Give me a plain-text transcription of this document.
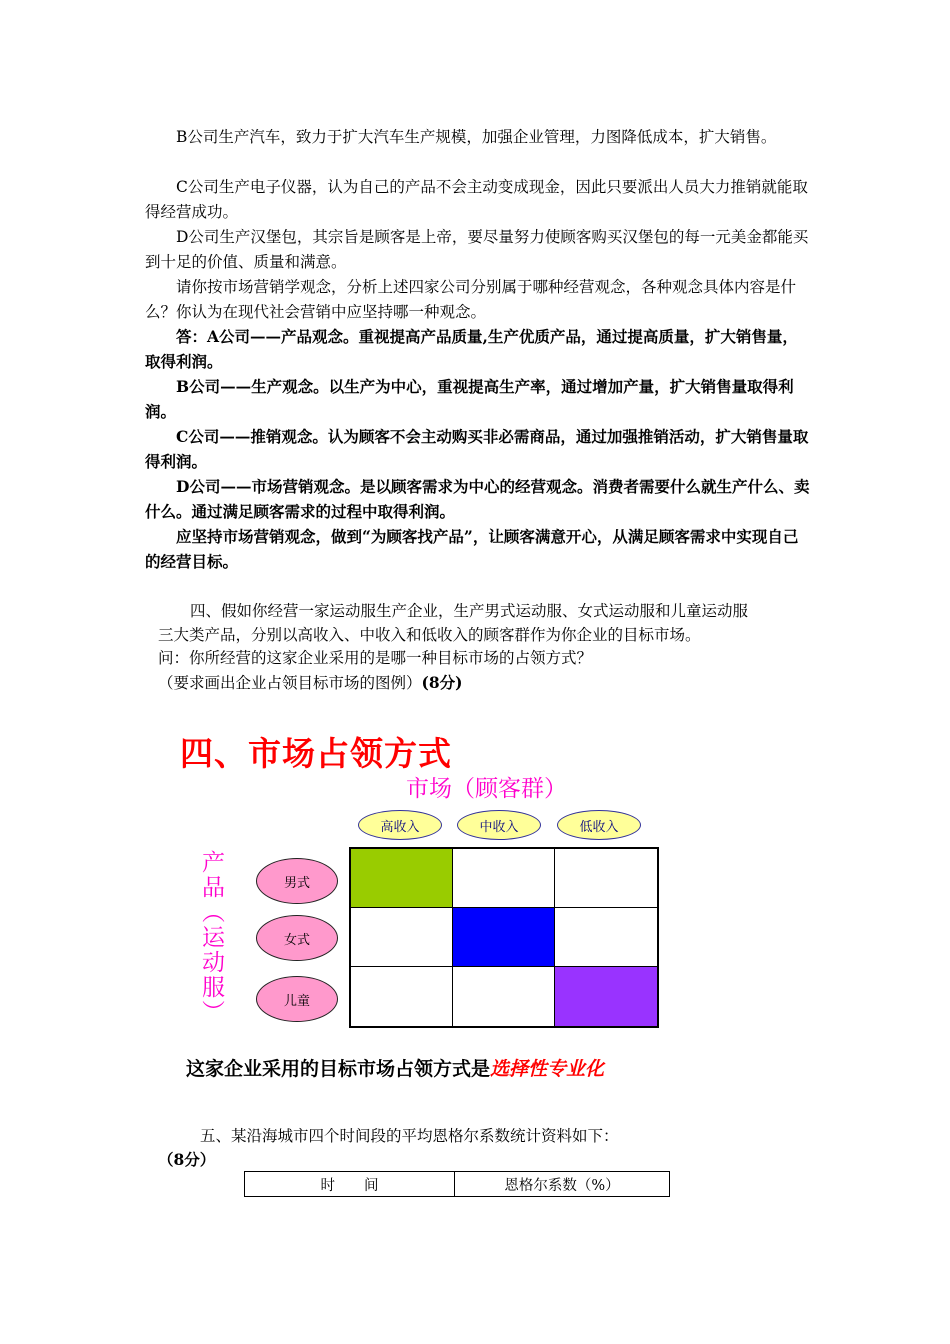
B公司生产汽车，致力于扩大汽车生产规模，加强企业管理，力图降低成本，扩大销售。

C公司生产电子仪器，认为自己的产品不会主动变成现金，因此只要派出人员大力推销就能取得经营成功。

D公司生产汉堡包，其宗旨是顾客是上帝，要尽量努力使顾客购买汉堡包的每一元美金都能买到十足的价值、质量和满意。

请你按市场营销学观念，分析上述四家公司分别属于哪种经营观念，各种观念具体内容是什么？你认为在现代社会营销中应坚持哪一种观念。

答：A公司——产品观念。重视提高产品质量,生产优质产品，通过提高质量，扩大销售量，取得利润。

B公司——生产观念。以生产为中心，重视提高生产率，通过增加产量，扩大销售量取得利润。

C公司——推销观念。认为顾客不会主动购买非必需商品，通过加强推销活动，扩大销售量取得利润。

D公司——市场营销观念。是以顾客需求为中心的经营观念。消费者需要什么就生产什么、卖什么。通过满足顾客需求的过程中取得利润。

应坚持市场营销观念，做到“为顾客找产品”，让顾客满意开心，从满足顾客需求中实现自己的经营目标。

四、假如你经营一家运动服生产企业，生产男式运动服、女式运动服和儿童运动服
三大类产品，分别以高收入、中收入和低收入的顾客群作为你企业的目标市场。
问：你所经营的这家企业采用的是哪一种目标市场的占领方式？
（要求画出企业占领目标市场的图例）(8分)
四、市场占领方式
市场（顾客群）
产品（运动服）
高收入	中收入	低收入
男式
女式
儿童

这家企业采用的目标市场占领方式是选择性专业化

五、某沿海城市四个时间段的平均恩格尔系数统计资料如下：

（8分）

时　　间	恩格尔系数（%）
